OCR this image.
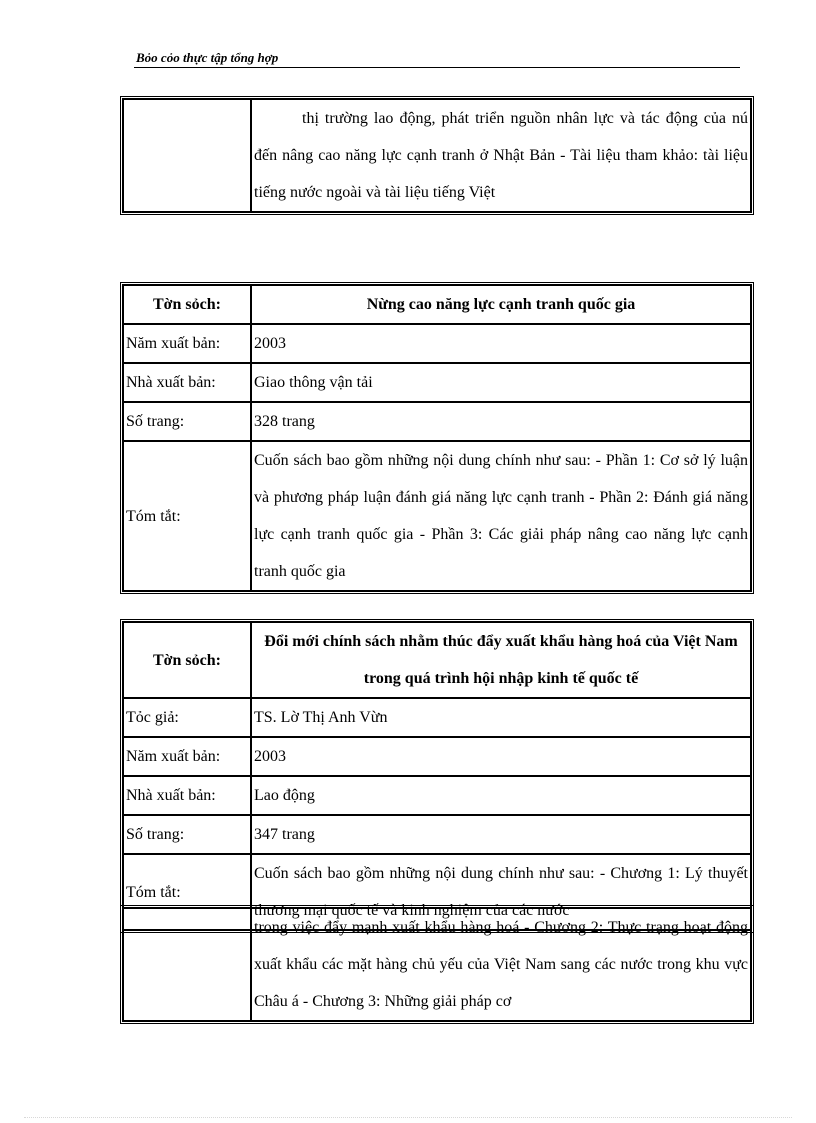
Bỏo cỏo thực tập tổng hợp
	thị trường lao động, phát triển nguồn nhân lực và tác động của nú đến nâng cao năng lực cạnh tranh ở Nhật Bản - Tài liệu tham khảo: tài liệu tiếng nước ngoài và tài liệu tiếng Việt
Tờn sỏch:	Nừng cao năng lực cạnh tranh quốc gia
Năm xuất bản:	2003
Nhà xuất bản:	Giao thông vận tải
Số trang:	328 trang
Tóm tắt:	Cuốn sách bao gồm những nội dung chính như sau: - Phần 1: Cơ sở lý luận và phương pháp luận đánh giá năng lực cạnh tranh - Phần 2: Đánh giá năng lực cạnh tranh quốc gia - Phần 3: Các giải pháp nâng cao năng lực cạnh tranh quốc gia
Tờn sỏch:	Đổi mới chính sách nhằm thúc đẩy xuất khẩu hàng hoá của Việt Nam trong quá trình hội nhập kinh tế quốc tế
Tỏc giả:	TS. Lờ Thị Anh Vừn
Năm xuất bản:	2003
Nhà xuất bản:	Lao động
Số trang:	347 trang
Tóm tắt:	Cuốn sách bao gồm những nội dung chính như sau: - Chương 1: Lý thuyết thương mại quốc tế và kinh nghiệm của các nước
	trong việc đẩy mạnh xuất khẩu hàng hoá - Chương 2: Thực trạng hoạt động xuất khẩu các mặt hàng chủ yếu của Việt Nam sang các nước trong khu vực Châu á - Chương 3: Những giải pháp cơ
